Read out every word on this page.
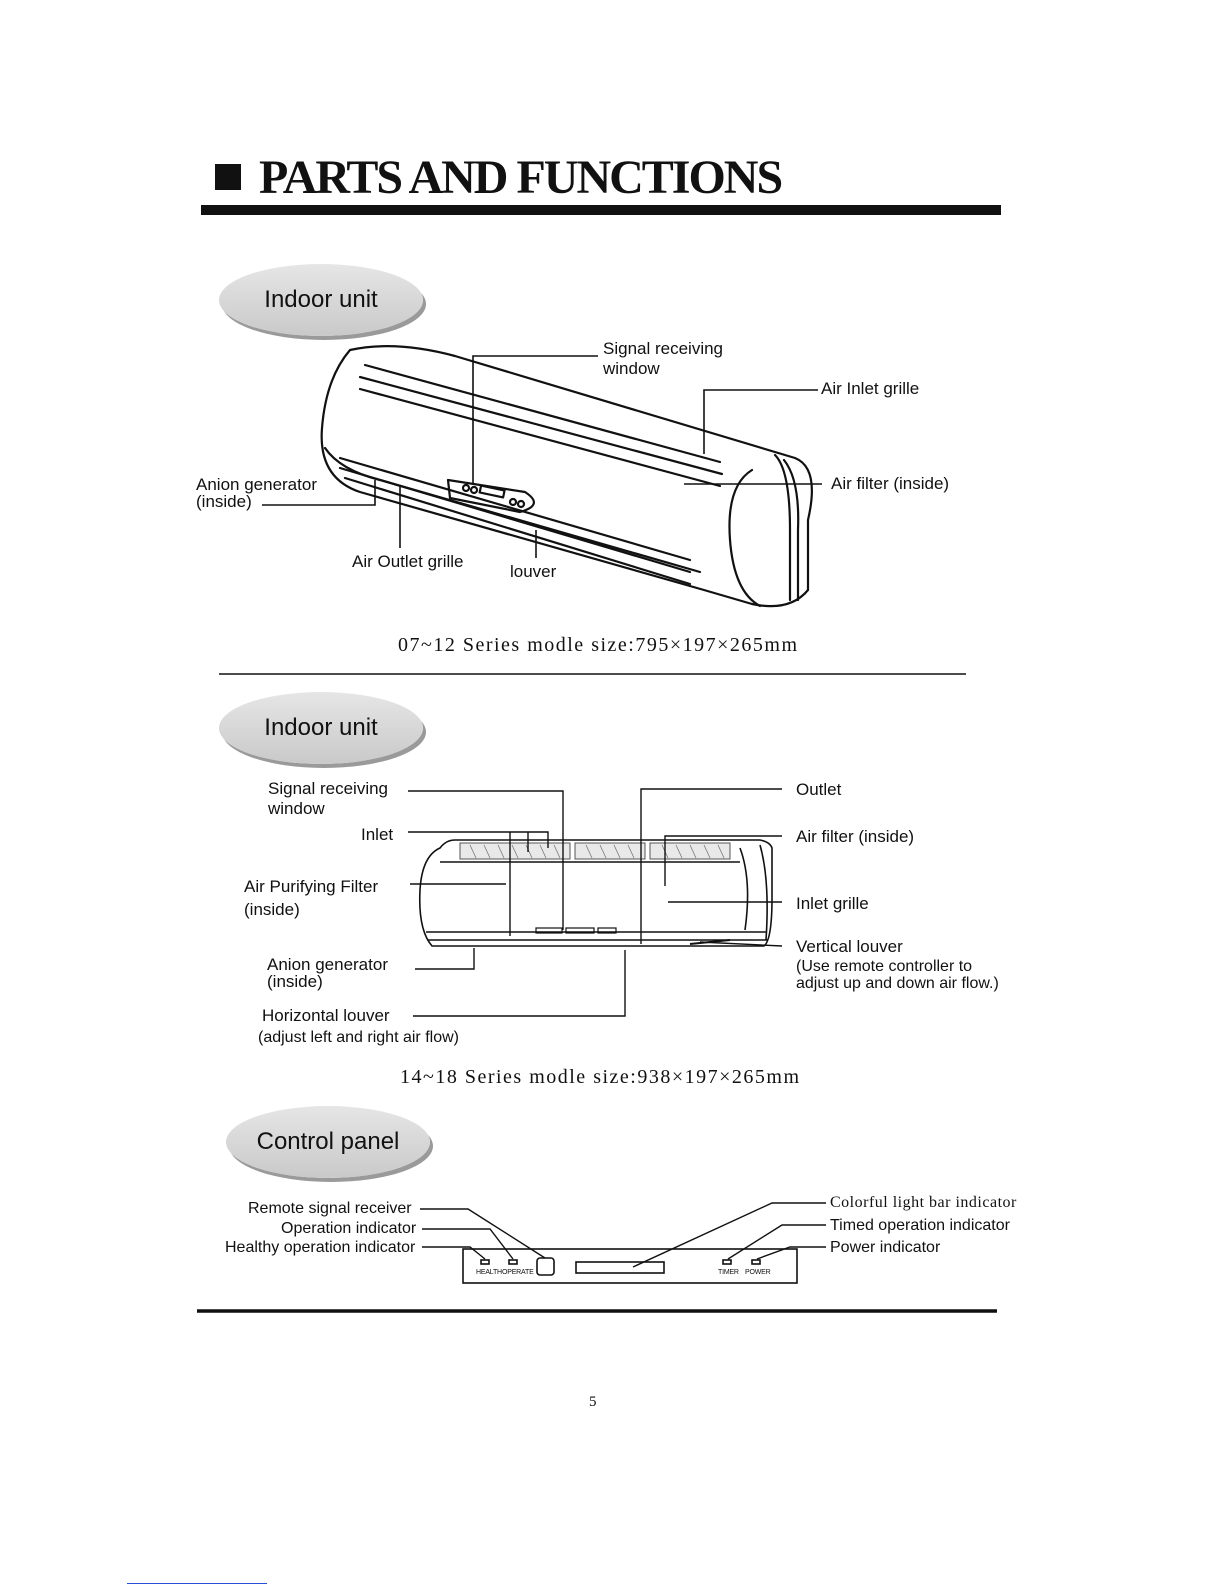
PARTS AND FUNCTIONS
Indoor unit
Signal receiving
window
Air Inlet grille
Air filter (inside)
Anion generator
(inside)
Air Outlet grille
louver
07~12 Series modle size:795×197×265mm
Indoor unit
Signal receiving
window
Inlet
Air Purifying Filter
(inside)
Anion generator
(inside)
Horizontal louver
(adjust left and right air flow)
Outlet
Air filter (inside)
Inlet grille
Vertical louver
(Use remote controller to
adjust up and down air flow.)
14~18 Series modle size:938×197×265mm
Control panel
Remote signal receiver
Operation indicator
Healthy operation indicator
Colorful light bar indicator
Timed operation indicator
Power indicator
HEALTH OPERATE	TIMER POWER
5
